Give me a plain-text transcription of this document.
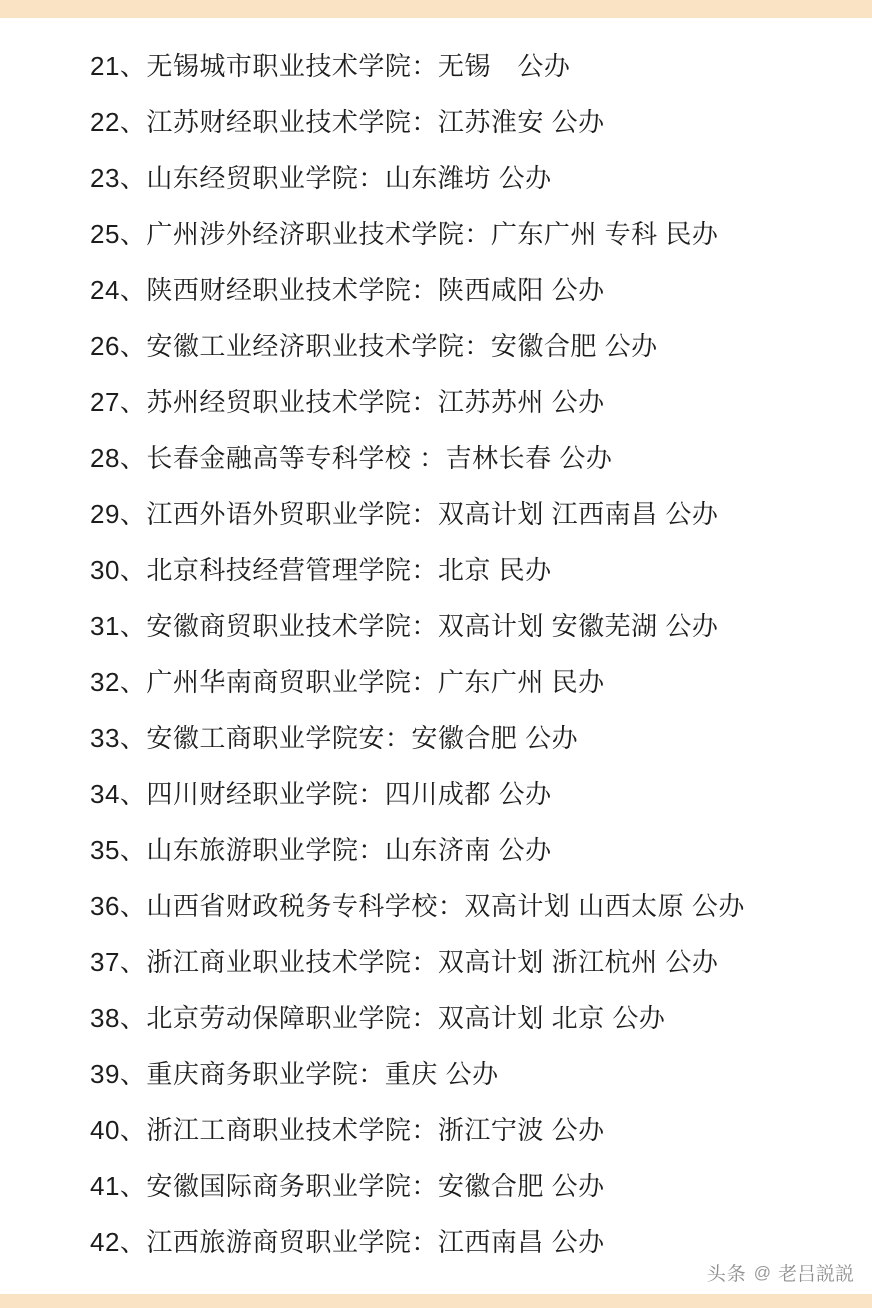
21、无锡城市职业技术学院：无锡　公办
22、江苏财经职业技术学院：江苏淮安 公办
23、山东经贸职业学院：山东潍坊 公办
25、广州涉外经济职业技术学院：广东广州 专科 民办
24、陕西财经职业技术学院：陕西咸阳 公办
26、安徽工业经济职业技术学院：安徽合肥 公办
27、苏州经贸职业技术学院：江苏苏州 公办
28、长春金融高等专科学校 ：吉林长春 公办
29、江西外语外贸职业学院：双高计划 江西南昌 公办
30、北京科技经营管理学院：北京 民办
31、安徽商贸职业技术学院：双高计划 安徽芜湖 公办
32、广州华南商贸职业学院：广东广州 民办
33、安徽工商职业学院安：安徽合肥 公办
34、四川财经职业学院：四川成都 公办
35、山东旅游职业学院：山东济南 公办
36、山西省财政税务专科学校：双高计划 山西太原 公办
37、浙江商业职业技术学院：双高计划 浙江杭州 公办
38、北京劳动保障职业学院：双高计划 北京 公办
39、重庆商务职业学院：重庆 公办
40、浙江工商职业技术学院：浙江宁波 公办
41、安徽国际商务职业学院：安徽合肥 公办
42、江西旅游商贸职业学院：江西南昌 公办
头条 @ 老吕説説
